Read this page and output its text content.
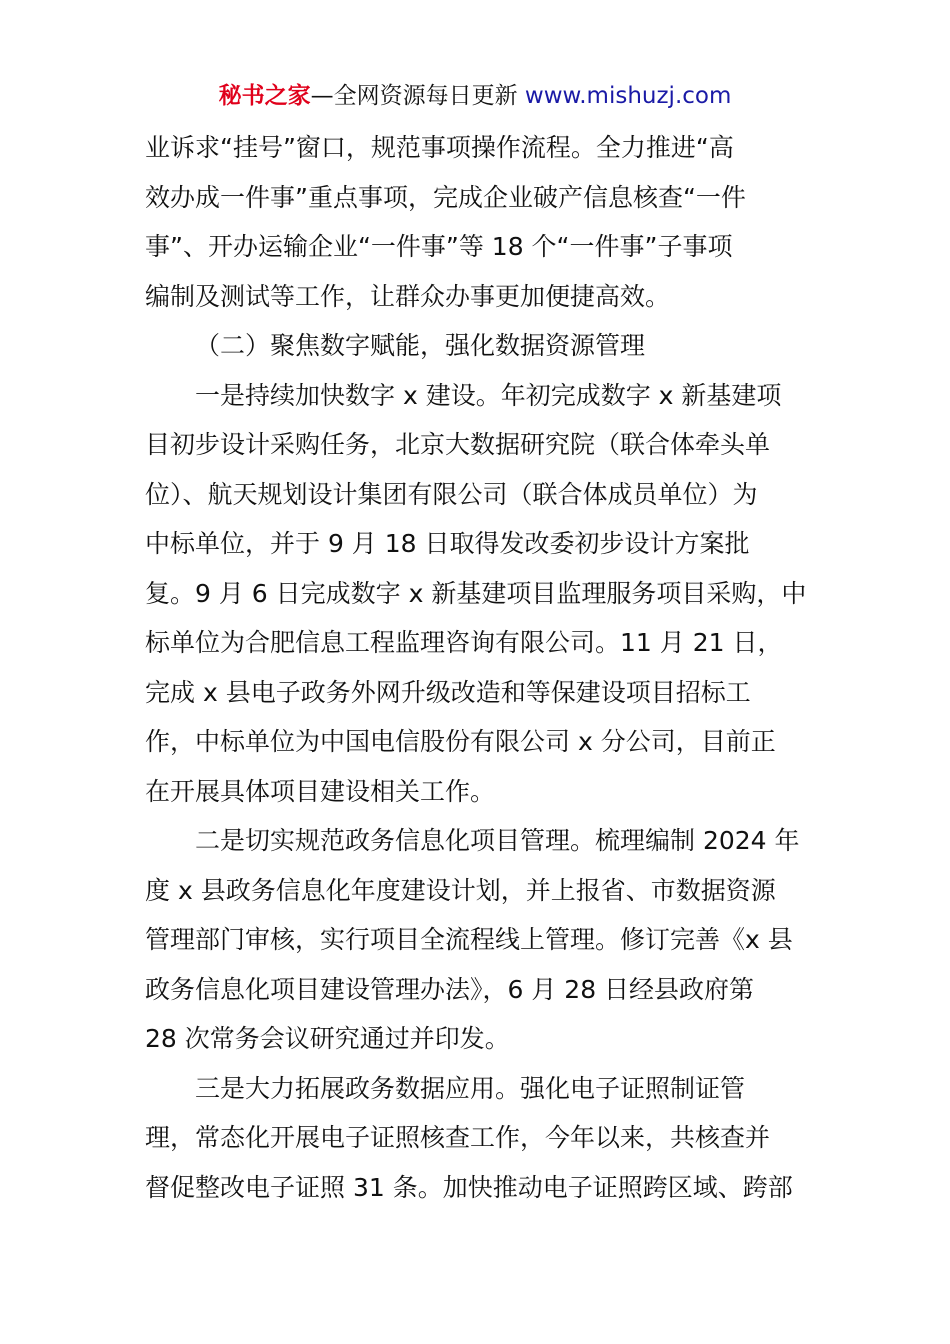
秘书之家—全网资源每日更新 www.mishuzj.com
业诉求“挂号”窗口，规范事项操作流程。全力推进“高
效办成一件事”重点事项，完成企业破产信息核查“一件
事”、开办运输企业“一件事”等 18 个“一件事”子事项
编制及测试等工作，让群众办事更加便捷高效。
（二）聚焦数字赋能，强化数据资源管理
一是持续加快数字 x 建设。年初完成数字 x 新基建项
目初步设计采购任务，北京大数据研究院（联合体牵头单
位）、航天规划设计集团有限公司（联合体成员单位）为
中标单位，并于 9 月 18 日取得发改委初步设计方案批
复。9 月 6 日完成数字 x 新基建项目监理服务项目采购，中
标单位为合肥信息工程监理咨询有限公司。11 月 21 日，
完成 x 县电子政务外网升级改造和等保建设项目招标工
作，中标单位为中国电信股份有限公司 x 分公司，目前正
在开展具体项目建设相关工作。
二是切实规范政务信息化项目管理。梳理编制 2024 年
度 x 县政务信息化年度建设计划，并上报省、市数据资源
管理部门审核，实行项目全流程线上管理。修订完善《x 县
政务信息化项目建设管理办法》，6 月 28 日经县政府第
28 次常务会议研究通过并印发。
三是大力拓展政务数据应用。强化电子证照制证管
理，常态化开展电子证照核查工作，今年以来，共核查并
督促整改电子证照 31 条。加快推动电子证照跨区域、跨部
